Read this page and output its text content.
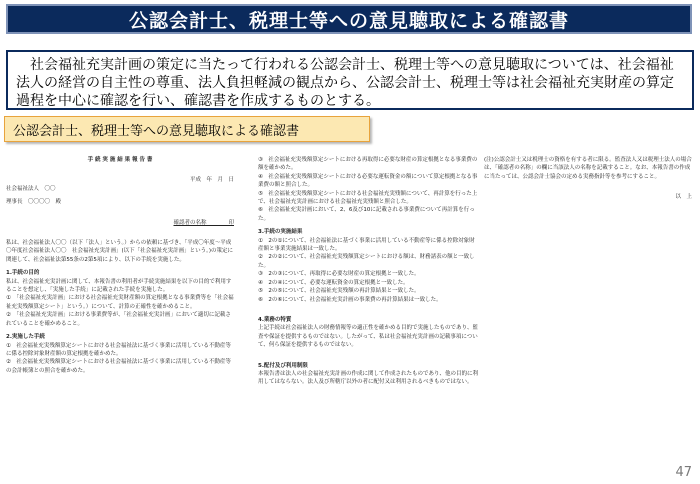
公認会計士、税理士等への意見聴取による確認書
社会福祉充実計画の策定に当たって行われる公認会計士、税理士等への意見聴取については、社会福祉法人の経営の自主性の尊重、法人負担軽減の観点から、公認会計士、税理士等は社会福祉充実財産の算定過程を中心に確認を行い、確認書を作成するものとする。
公認会計士、税理士等への意見聴取による確認書
手 続 実 施 結 果 報 告 書
平成　年　月　日
社会福祉法人　〇〇
理事長　〇〇〇〇　殿
確認者の名称　　　　印
私は、社会福祉法人〇〇（以下「法人」という。）からの依頼に基づき、「平成〇年度～平成〇年度社会福祉法人〇〇　社会福祉充実計画」(以下「社会福祉充実計画」という。)の策定に関連して、社会福祉法第55条の2第5項により、以下の手続を実施した。
1.手続の目的
私は、社会福祉充実計画に関して、本報告書の利用者が手続実施結果を以下の目的で利用することを想定し、「実施した手続」に記載された手続を実施した。
①　「社会福祉充実計画」における社会福祉充実財産額の算定根拠となる事業費等を「社会福祉充実残額算定シート」という。）について、計算の正確性を確かめること。
②　「社会福祉充実計画」における事業費等が、「社会福祉充実計画」において適切に記載されていることを確かめること。
2.実施した手続
①　社会福祉充実残額算定シートにおける社会福祉法に基づく事業に活用している不動産等に係る控除対象財産額の算定根拠を確かめた。
②　社会福祉充実残額算定シートにおける社会福祉法に基づく事業に活用している不動産等の会計帳簿との照合を確かめた。
③　社会福祉充実残額算定シートにおける再取得に必要な財産の算定根拠となる事業費の額を確かめた。
④　社会福祉充実残額算定シートにおける必要な運転資金の額について算定根拠となる事業費の額と照合した。
⑤　社会福祉充実残額算定シートにおける社会福祉充実残額について、再計算を行った上で、社会福祉充実計画における社会福祉充実残額と照合した。
⑥　社会福祉充実計画において、2、6及び10に記載される事業費について再計算を行った。
3.手続の実施結果
①　2の①について、社会福祉法に基づく事業に活用している不動産等に係る控除対象財産額と事業実施結果は一致した。
②　2の②について、社会福祉充実残額算定シートにおける額は、財務諸表の額と一致した。
③　2の③について、再取得に必要な財産の算定根拠と一致した。
④　2の④について、必要な運転資金の算定根拠と一致した。
⑤　2の⑤について、社会福祉充実残額の再計算結果と一致した。
⑥　2の⑥について、社会福祉充実計画の事業費の再計算結果は一致した。
4.業務の特質
上記手続は社会福祉法人の財務情報等の適正性を確かめる目的で実施したものであり、監査や保証を提供するものではない。したがって、私は社会福祉充実計画の記載事項について、何ら保証を提供するものではない。
5.配付及び利用制限
本報告書は法人の社会福祉充実計画の作成に関して作成されたものであり、他の目的に利用してはならない。法人及び所轄庁以外の者に配付又は利用されるべきものではない。
(注)公認会計士又は税理士の資格を有する者に限る。監査法人又は税理士法人の場合は、「確認者の名称」の欄に当該法人の名称を記載すること。なお、本報告書の作成に当たっては、公認会計士協会の定める実務指針等を参考にすること。
以　上
47
